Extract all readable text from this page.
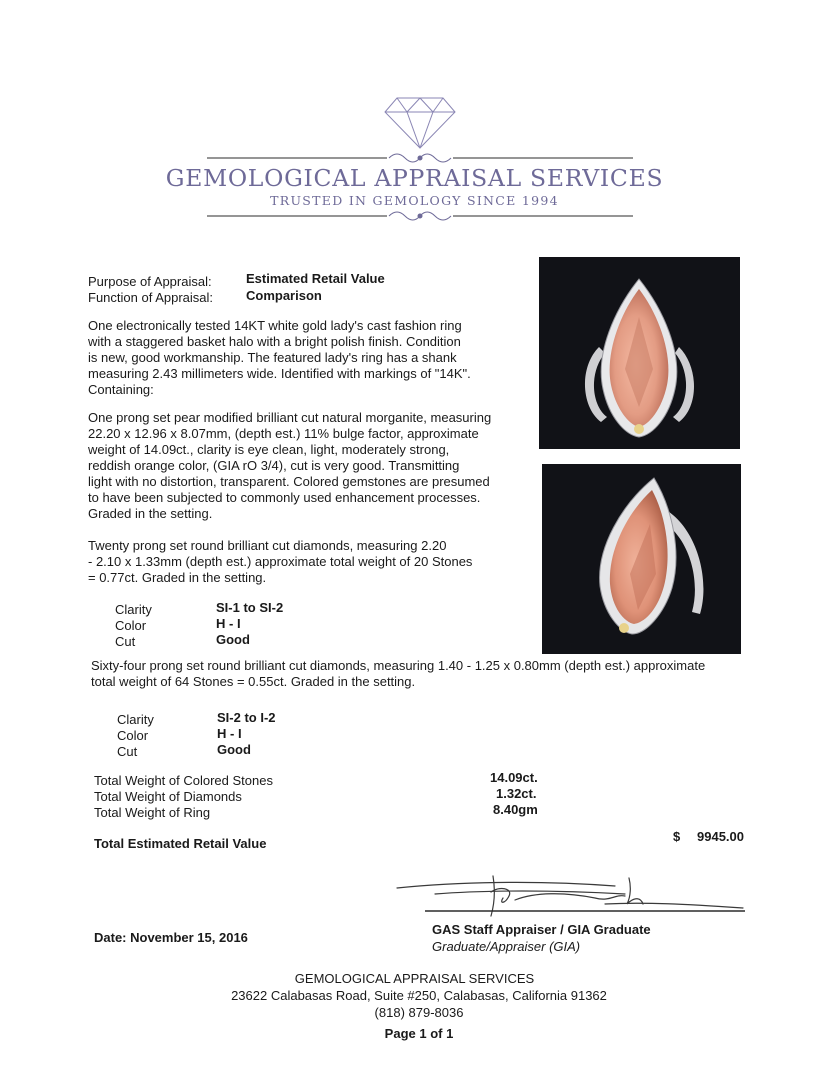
GEMOLOGICAL APPRAISAL SERVICES
TRUSTED IN GEMOLOGY SINCE 1994
Purpose of Appraisal:	Estimated Retail Value
Function of Appraisal:	Comparison
One electronically tested 14KT white gold lady's cast fashion ring
with a staggered basket halo with a bright polish finish. Condition
is new, good workmanship. The featured lady's ring has a shank
measuring 2.43 millimeters wide. Identified with markings of "14K".
Containing:
One prong set pear modified brilliant cut natural morganite, measuring
22.20 x 12.96 x 8.07mm, (depth est.) 11% bulge factor, approximate
weight of 14.09ct., clarity is eye clean, light, moderately strong,
reddish orange color, (GIA rO 3/4), cut is very good. Transmitting
light with no distortion, transparent. Colored gemstones are presumed
to have been subjected to commonly used enhancement processes.
Graded in the setting.
Twenty prong set round brilliant cut diamonds, measuring 2.20
- 2.10 x 1.33mm (depth est.) approximate total weight of 20 Stones
= 0.77ct. Graded in the setting.
Clarity	SI-1 to SI-2
Color	H - I
Cut	Good
Sixty-four prong set round brilliant cut diamonds, measuring 1.40 - 1.25 x 0.80mm (depth est.) approximate
total weight of 64 Stones = 0.55ct. Graded in the setting.
Clarity	SI-2 to I-2
Color	H - I
Cut	Good
Total Weight of Colored Stones	14.09ct.
Total Weight of Diamonds	1.32ct.
Total Weight of Ring	8.40gm
Total Estimated Retail Value	$ 9945.00
Date: November 15, 2016
GAS Staff Appraiser / GIA Graduate
Graduate/Appraiser (GIA)
GEMOLOGICAL APPRAISAL SERVICES
23622 Calabasas Road, Suite #250, Calabasas, California 91362
(818) 879-8036
Page 1 of 1
